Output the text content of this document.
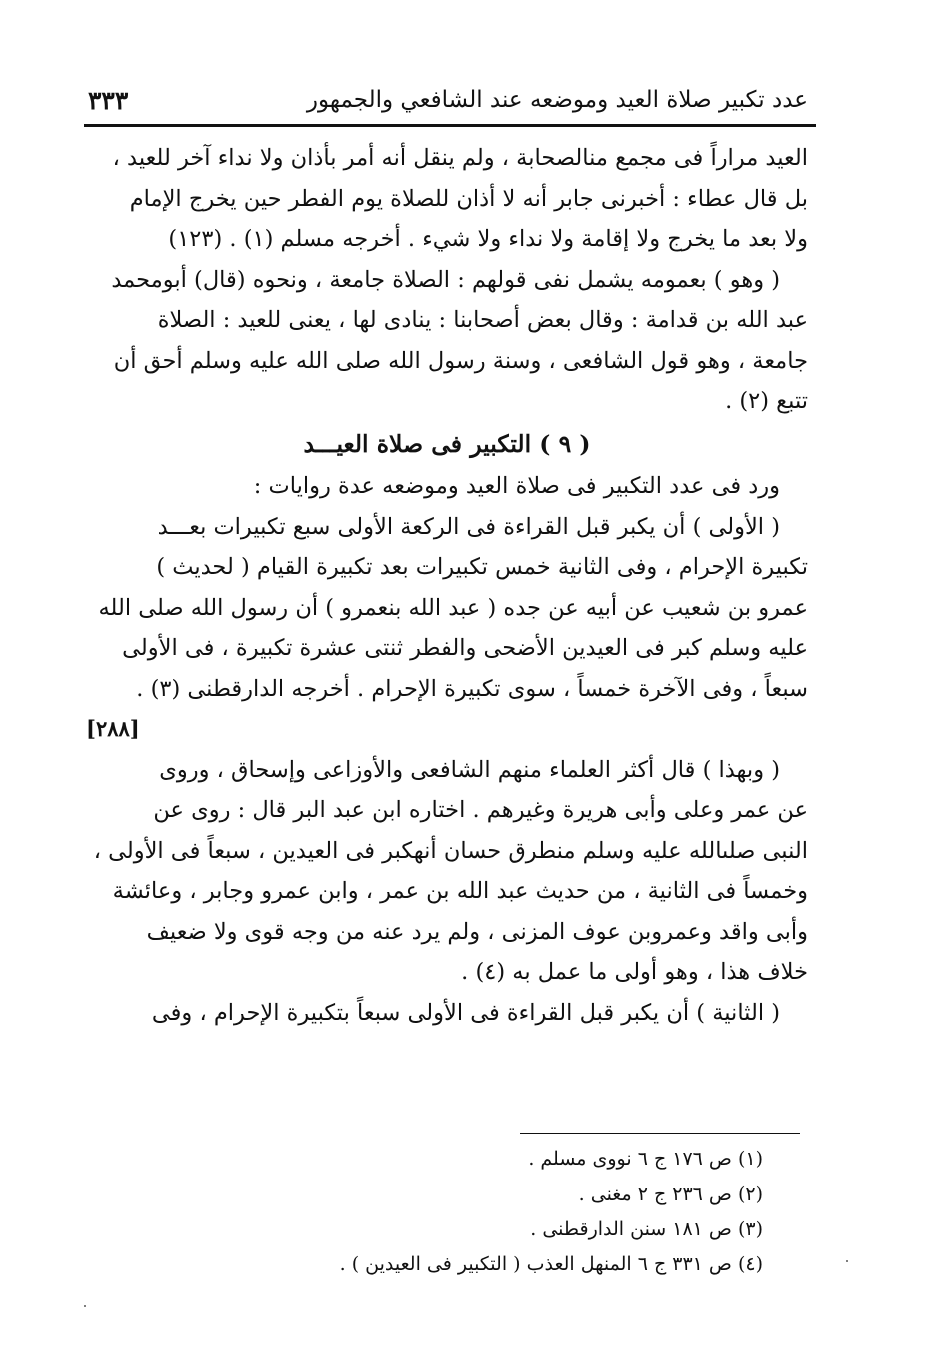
عدد تكبير صلاة العيد وموضعه عند الشافعي والجمهور
٣٣٣

العيد مراراً فى مجمع منالصحابة ، ولم ينقل أنه أمر بأذان ولا نداء آخر للعيد ،

بل قال عطاء : أخبرنى جابر أنه لا أذان للصلاة يوم الفطر حين يخرج الإمام

ولا بعد ما يخرج ولا إقامة ولا نداء ولا شيء . أخرجه مسلم (١) . (١٢٣)

( وهو ) بعمومه يشمل نفى قولهم : الصلاة جامعة ، ونحوه (قال) أبومحمد

عبد الله بن قدامة : وقال بعض أصحابنا : ينادى لها ، يعنى للعيد : الصلاة

جامعة ، وهو قول الشافعى ، وسنة رسول الله صلى الله عليه وسلم أحق أن

تتبع (٢) .

( ٩ ) التكبير فى صلاة العيـــد

ورد فى عدد التكبير فى صلاة العيد وموضعه عدة روايات :

( الأولى ) أن يكبر قبل القراءة فى الركعة الأولى سبع تكبيرات بعـــد

تكبيرة الإحرام ، وفى الثانية خمس تكبيرات بعد تكبيرة القيام ( لحديث )

عمرو بن شعيب عن أبيه عن جده ( عبد الله بنعمرو ) أن رسول الله صلى الله

عليه وسلم كبر فى العيدين الأضحى والفطر ثنتى عشرة تكبيرة ، فى الأولى

سبعاً ، وفى الآخرة خمساً ، سوى تكبيرة الإحرام . أخرجه الدارقطنى (٣) .

[٢٨٨]

( وبهذا ) قال أكثر العلماء منهم الشافعى والأوزاعى وإسحاق ، وروى

عن عمر وعلى وأبى هريرة وغيرهم . اختاره ابن عبد البر قال : روى عن

النبى صلىالله عليه وسلم منطرق حسان أنهكبر فى العيدين ، سبعاً فى الأولى ،

وخمساً فى الثانية ، من حديث عبد الله بن عمر ، وابن عمرو وجابر ، وعائشة

وأبى واقد وعمروبن عوف المزنى ، ولم يرد عنه من وجه قوى ولا ضعيف

خلاف هذا ، وهو أولى ما عمل به (٤) .

( الثانية ) أن يكبر قبل القراءة فى الأولى سبعاً بتكبيرة الإحرام ، وفى

(١) ص ١٧٦ ج ٦ نووى مسلم .

(٢) ص ٢٣٦ ج ٢ مغنى .

(٣) ص ١٨١ سنن الدارقطنى .

(٤) ص ٣٣١ ج ٦ المنهل العذب ( التكبير فى العيدين ) .
